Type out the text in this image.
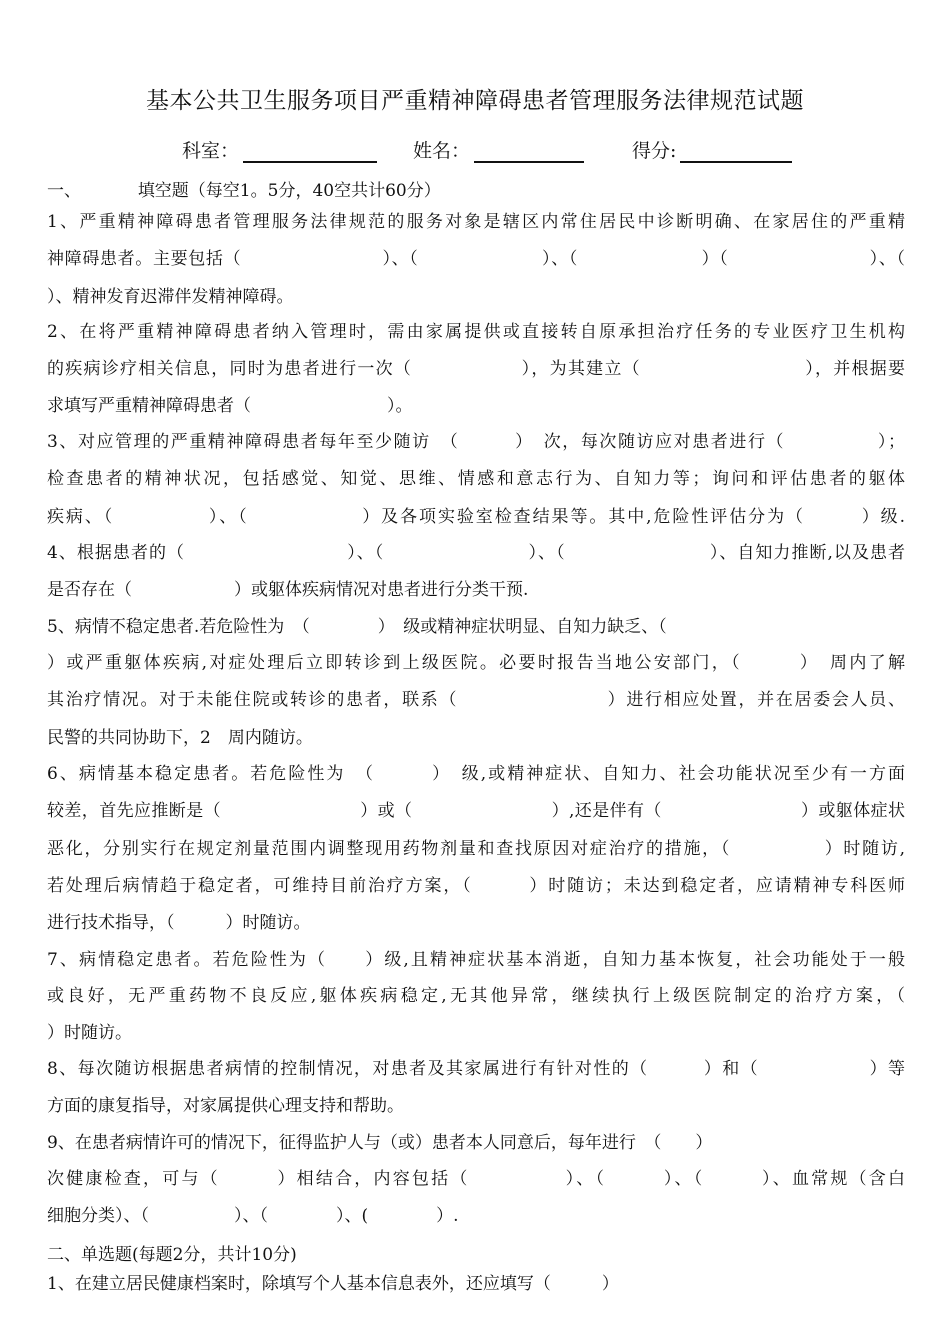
基本公共卫生服务项目严重精神障碍患者管理服务法律规范试题
科室：	姓名：	得分:
一、	填空题（每空1。5分，40空共计60分）
1、严重精神障碍患者管理服务法律规范的服务对象是辖区内常住居民中诊断明确、在家居住的严重精
神障碍患者。主要包括（　　　　　　　　）、（　　　　　　　）、（　　　　　　　）（　　　　　　　　）、（
）、精神发育迟滞伴发精神障碍。
2、在将严重精神障碍患者纳入管理时，需由家属提供或直接转自原承担治疗任务的专业医疗卫生机构
的疾病诊疗相关信息，同时为患者进行一次（　　　　　　），为其建立（　　　　　　　　　），并根据要
求填写严重精神障碍患者（　　　　　　　　）。
3、对应管理的严重精神障碍患者每年至少随访　（　　　）　次，每次随访应对患者进行（　　　　　）；
检查患者的精神状况，包括感觉、知觉、思维、情感和意志行为、自知力等；询问和评估患者的躯体
疾病、（　　　　　）、（　　　　　　）及各项实验室检查结果等。其中,危险性评估分为（　　　）级.
4、根据患者的（　　　　　　　　　）、（　　　　　　　　）、（　　　　　　　　）、自知力推断,以及患者
是否存在（　　　　　　）或躯体疾病情况对患者进行分类干预.
5、病情不稳定患者.若危险性为　（　　　　）　级或精神症状明显、自知力缺乏、（
）或严重躯体疾病,对症处理后立即转诊到上级医院。必要时报告当地公安部门，（　　　）　周内了解
其治疗情况。对于未能住院或转诊的患者，联系（　　　　　　　　）进行相应处置，并在居委会人员、
民警的共同协助下，2　周内随访。
6、病情基本稳定患者。若危险性为　（　　　）　级,或精神症状、自知力、社会功能状况至少有一方面
较差，首先应推断是（　　　　　　　　）或（　　　　　　　　）,还是伴有（　　　　　　　　）或躯体症状
恶化，分别实行在规定剂量范围内调整现用药物剂量和查找原因对症治疗的措施，（　　　　　）时随访,
若处理后病情趋于稳定者，可维持目前治疗方案，（　　　）时随访；未达到稳定者，应请精神专科医师
进行技术指导，（　　　）时随访。
7、病情稳定患者。若危险性为（　　）级,且精神症状基本消逝，自知力基本恢复，社会功能处于一般
或良好，无严重药物不良反应,躯体疾病稳定,无其他异常，继续执行上级医院制定的治疗方案，（
）时随访。
8、每次随访根据患者病情的控制情况，对患者及其家属进行有针对性的（　　　）和（　　　　　　）等
方面的康复指导，对家属提供心理支持和帮助。
9、在患者病情许可的情况下，征得监护人与（或）患者本人同意后，每年进行　（　　）
次健康检查，可与（　　　）相结合，内容包括（　　　　　）、（　　　）、（　　　）、血常规（含白
细胞分类）、（　　　　　）、（　　　　）、(　　　　）.
二、单选题(每题2分，共计10分)
1、在建立居民健康档案时，除填写个人基本信息表外，还应填写（　　　）
